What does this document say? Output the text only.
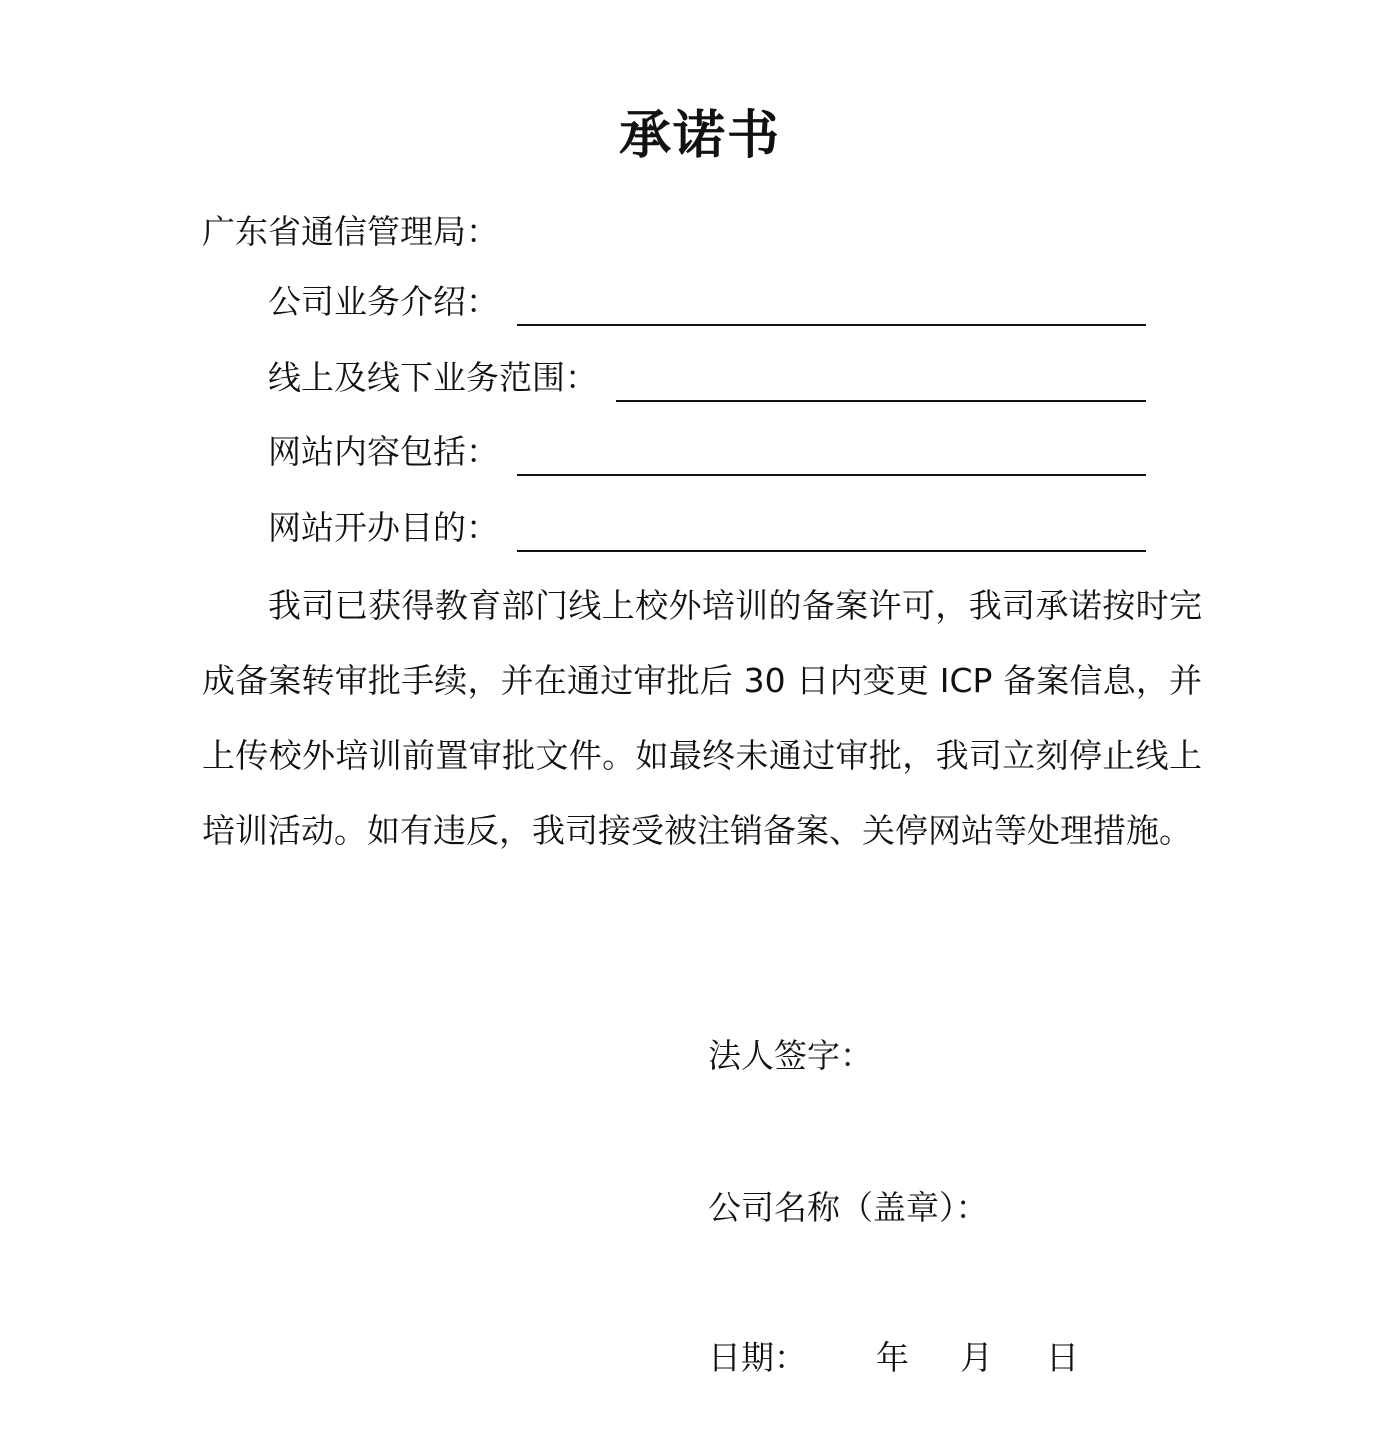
承诺书
广东省通信管理局：
公司业务介绍：
线上及线下业务范围：
网站内容包括：
网站开办目的：
我司已获得教育部门线上校外培训的备案许可，我司承诺按时完
成备案转审批手续，并在通过审批后 30 日内变更 ICP 备案信息，并
上传校外培训前置审批文件。如最终未通过审批，我司立刻停止线上
培训活动。如有违反，我司接受被注销备案、关停网站等处理措施。
法人签字：
公司名称（盖章）：
日期： 年 月 日
